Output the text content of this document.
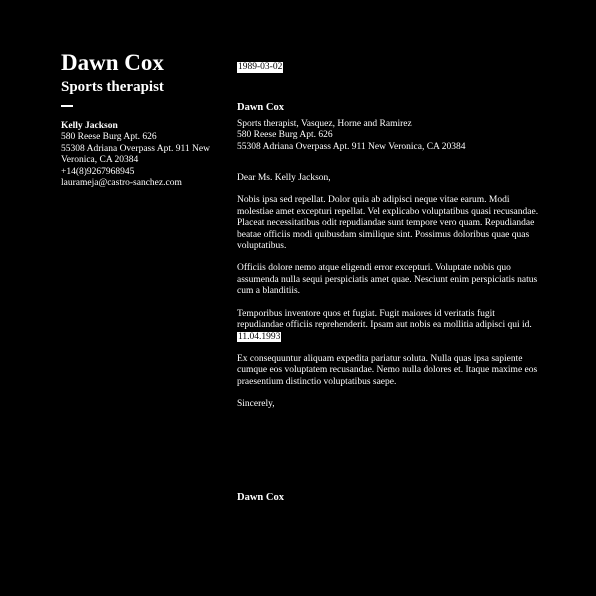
Dawn Cox
Sports therapist
Kelly Jackson
580 Reese Burg Apt. 626
55308 Adriana Overpass Apt. 911 New
Veronica, CA 20384
+14(8)9267968945
laurameja@castro-sanchez.com
1989-03-02
Dawn Cox
Sports therapist, Vasquez, Horne and Ramirez
580 Reese Burg Apt. 626
55308 Adriana Overpass Apt. 911 New Veronica, CA 20384
Dear Ms. Kelly Jackson,

Nobis ipsa sed repellat. Dolor quia ab adipisci neque vitae earum. Modi molestiae amet excepturi repellat. Vel explicabo voluptatibus quasi recusandae. Placeat necessitatibus odit repudiandae sunt tempore vero quam. Repudiandae beatae officiis modi quibusdam similique sint. Possimus doloribus quae quas voluptatibus.

Officiis dolore nemo atque eligendi error excepturi. Voluptate nobis quo assumenda nulla sequi perspiciatis amet quae. Nesciunt enim perspiciatis natus cum a blanditiis.

Temporibus inventore quos et fugiat. Fugit maiores id veritatis fugit repudiandae officiis reprehenderit. Ipsam aut nobis ea mollitia adipisci qui id. 11.04.1993

Ex consequuntur aliquam expedita pariatur soluta. Nulla quas ipsa sapiente cumque eos voluptatem recusandae. Nemo nulla dolores et. Itaque maxime eos praesentium distinctio voluptatibus saepe.

Sincerely,
Dawn Cox
